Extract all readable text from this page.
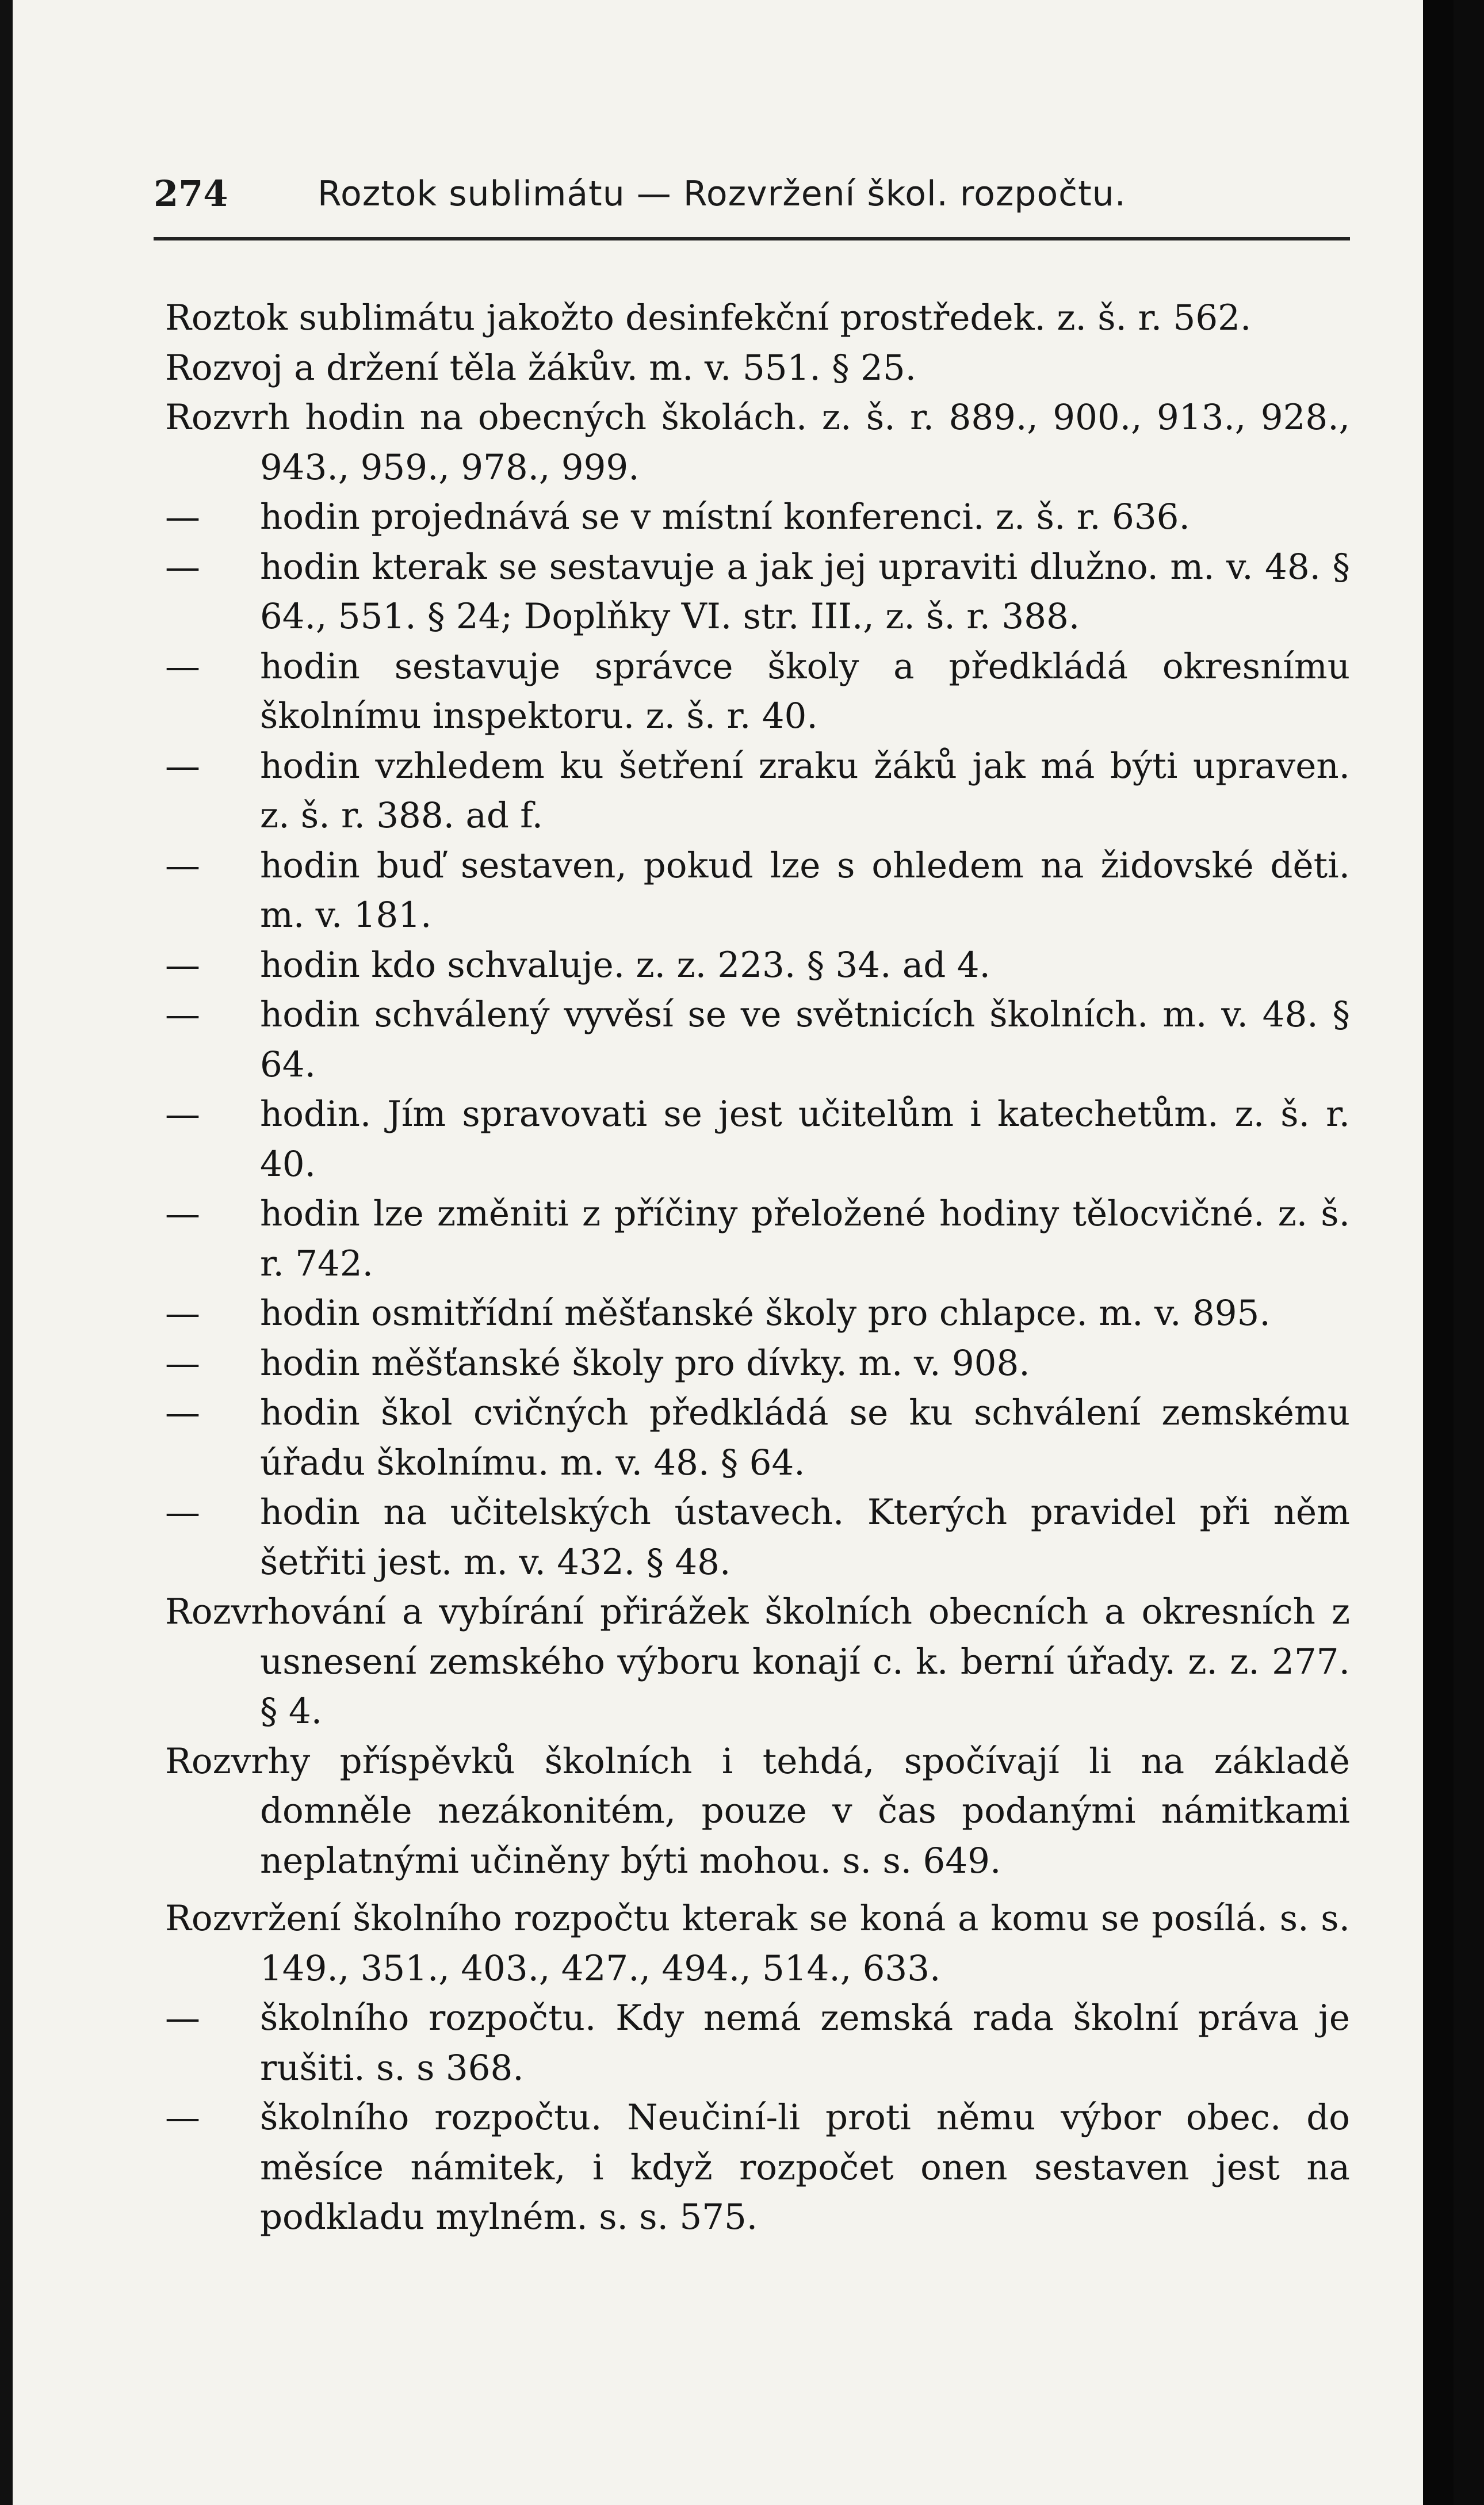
274	Roztok sublimátu — Rozvržení škol. rozpočtu.

Roztok sublimátu jakožto desinfekční prostředek. z. š. r. 562.

Rozvoj a držení těla žákův. m. v. 551. § 25.

Rozvrh hodin na obecných školách. z. š. r. 889., 900., 913., 928., 943., 959., 978., 999.

— hodin projednává se v místní konferenci. z. š. r. 636.

— hodin kterak se sestavuje a jak jej upraviti dlužno. m. v. 48. § 64., 551. § 24; Doplňky VI. str. III., z. š. r. 388.

— hodin sestavuje správce školy a předkládá okresnímu školnímu inspektoru. z. š. r. 40.

— hodin vzhledem ku šetření zraku žáků jak má býti upraven. z. š. r. 388. ad f.

— hodin buď sestaven, pokud lze s ohledem na židovské děti. m. v. 181.

— hodin kdo schvaluje. z. z. 223. § 34. ad 4.

— hodin schválený vyvěsí se ve světnicích školních. m. v. 48. § 64.

— hodin. Jím spravovati se jest učitelům i katechetům. z. š. r. 40.

— hodin lze změniti z příčiny přeložené hodiny tělocvičné. z. š. r. 742.

— hodin osmitřídní měšťanské školy pro chlapce. m. v. 895.

— hodin měšťanské školy pro dívky. m. v. 908.

— hodin škol cvičných předkládá se ku schválení zemskému úřadu školnímu. m. v. 48. § 64.

— hodin na učitelských ústavech. Kterých pravidel při něm šetřiti jest. m. v. 432. § 48.

Rozvrhování a vybírání přirážek školních obecních a okresních z usnesení zemského výboru konají c. k. berní úřady. z. z. 277. § 4.

Rozvrhy příspěvků školních i tehdá, spočívají li na základě domněle nezákonitém, pouze v čas podanými námitkami neplatnými učiněny býti mohou. s. s. 649.

Rozvržení školního rozpočtu kterak se koná a komu se posílá. s. s. 149., 351., 403., 427., 494., 514., 633.

— školního rozpočtu. Kdy nemá zemská rada školní práva je rušiti. s. s 368.

— školního rozpočtu. Neučiní-li proti němu výbor obec. do měsíce námitek, i když rozpočet onen sestaven jest na podkladu mylném. s. s. 575.
